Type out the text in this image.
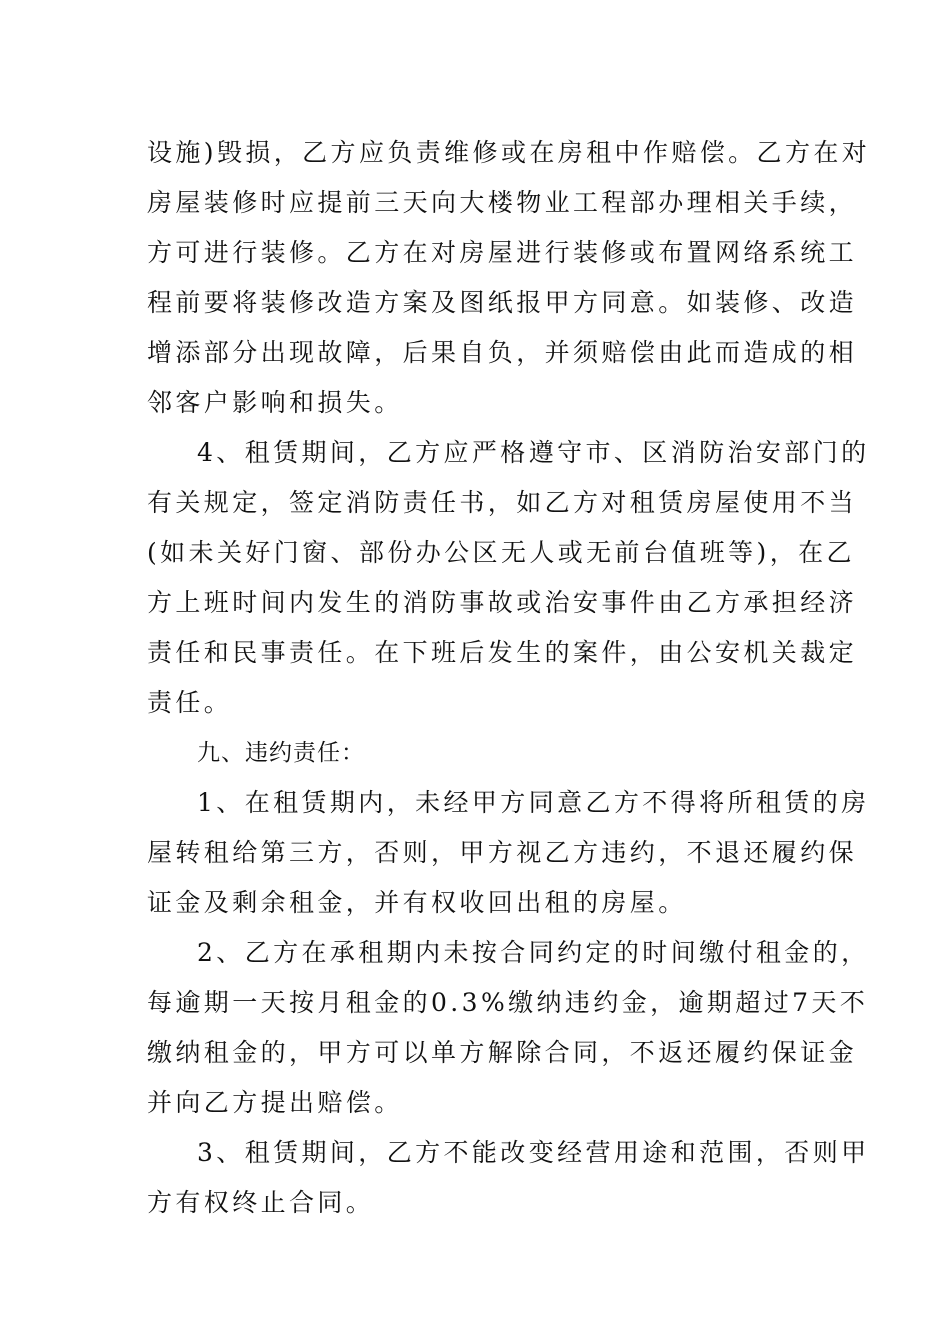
设施)毁损，乙方应负责维修或在房租中作赔偿。乙方在对
房屋装修时应提前三天向大楼物业工程部办理相关手续，
方可进行装修。乙方在对房屋进行装修或布置网络系统工
程前要将装修改造方案及图纸报甲方同意。如装修、改造
增添部分出现故障，后果自负，并须赔偿由此而造成的相
邻客户影响和损失。
4、租赁期间，乙方应严格遵守市、区消防治安部门的
有关规定，签定消防责任书，如乙方对租赁房屋使用不当
(如未关好门窗、部份办公区无人或无前台值班等)，在乙
方上班时间内发生的消防事故或治安事件由乙方承担经济
责任和民事责任。在下班后发生的案件，由公安机关裁定
责任。
九、违约责任：
1、在租赁期内，未经甲方同意乙方不得将所租赁的房
屋转租给第三方，否则，甲方视乙方违约，不退还履约保
证金及剩余租金，并有权收回出租的房屋。
2、乙方在承租期内未按合同约定的时间缴付租金的，
每逾期一天按月租金的0.3%缴纳违约金，逾期超过7天不
缴纳租金的，甲方可以单方解除合同，不返还履约保证金
并向乙方提出赔偿。
3、租赁期间，乙方不能改变经营用途和范围，否则甲
方有权终止合同。
